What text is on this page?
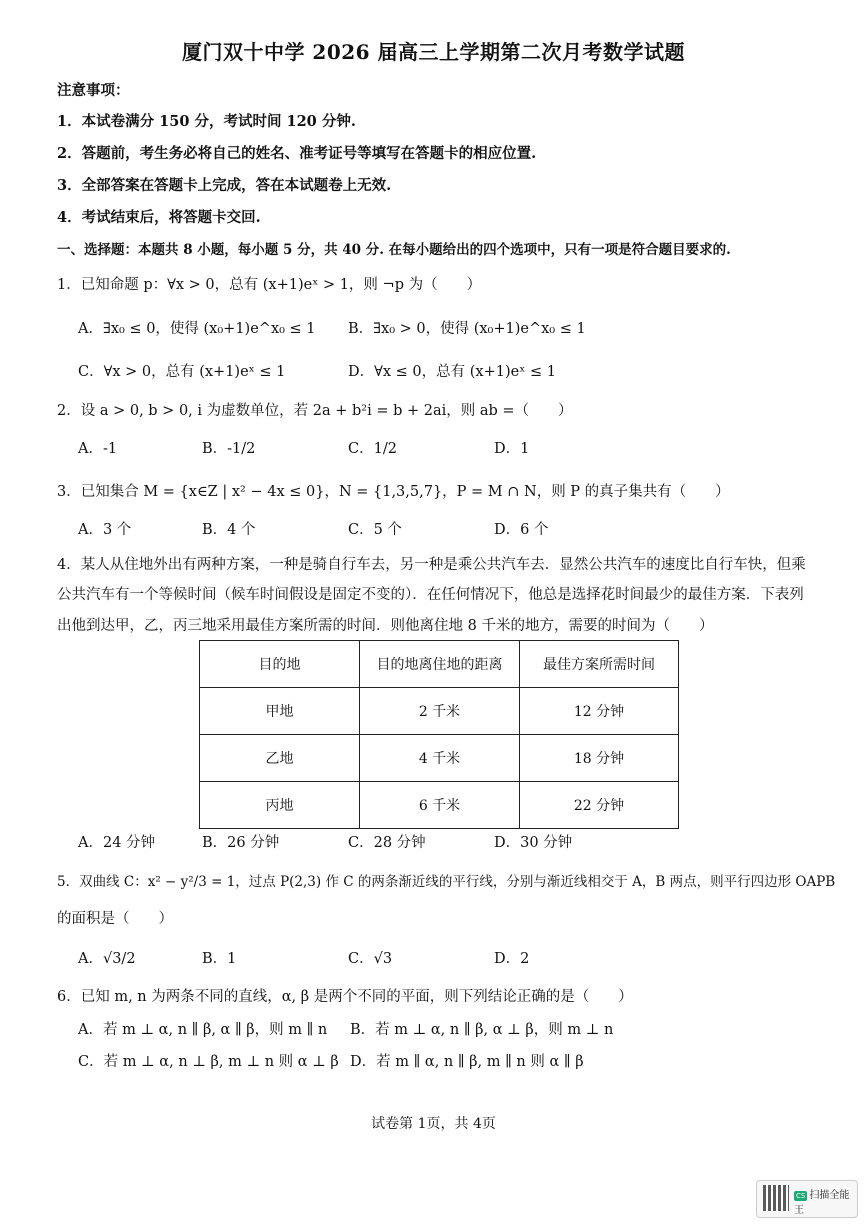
厦门双十中学 2026 届高三上学期第二次月考数学试题
注意事项：
1．本试卷满分 150 分，考试时间 120 分钟.
2．答题前，考生务必将自己的姓名、准考证号等填写在答题卡的相应位置.
3．全部答案在答题卡上完成，答在本试题卷上无效.
4．考试结束后，将答题卡交回.
一、选择题：本题共 8 小题，每小题 5 分，共 40 分. 在每小题给出的四个选项中，只有一项是符合题目要求的.
1．已知命题 p：∀x > 0，总有 (x+1)eˣ > 1，则 ¬p 为（　　）
A．∃x₀ ≤ 0，使得 (x₀+1)e^x₀ ≤ 1 B．∃x₀ > 0，使得 (x₀+1)e^x₀ ≤ 1
C．∀x > 0，总有 (x+1)eˣ ≤ 1	D．∀x ≤ 0，总有 (x+1)eˣ ≤ 1
2．设 a > 0, b > 0, i 为虚数单位，若 2a + b²i = b + 2ai，则 ab =（　　）
A．-1	B．-1/2	C．1/2	D．1
3．已知集合 M = {x∈Z | x² − 4x ≤ 0}，N = {1,3,5,7}，P = M ∩ N，则 P 的真子集共有（　　）
A．3 个	B．4 个	C．5 个	D．6 个
4．某人从住地外出有两种方案，一种是骑自行车去，另一种是乘公共汽车去．显然公共汽车的速度比自行车快，但乘
公共汽车有一个等候时间（候车时间假设是固定不变的）．在任何情况下，他总是选择花时间最少的最佳方案．下表列
出他到达甲，乙，丙三地采用最佳方案所需的时间．则他离住地 8 千米的地方，需要的时间为（　　）
目的地	目的地离住地的距离	最佳方案所需时间
甲地	2 千米	12 分钟
乙地	4 千米	18 分钟
丙地	6 千米	22 分钟
A．24 分钟	B．26 分钟	C．28 分钟	D．30 分钟
5．双曲线 C：x² − y²/3 = 1，过点 P(2,3) 作 C 的两条渐近线的平行线，分别与渐近线相交于 A，B 两点，则平行四边形 OAPB
的面积是（　　）
A．√3/2	B．1	C．√3	D．2
6．已知 m, n 为两条不同的直线，α, β 是两个不同的平面，则下列结论正确的是（　　）
A．若 m ⊥ α, n ∥ β, α ∥ β，则 m ∥ n B．若 m ⊥ α, n ∥ β, α ⊥ β，则 m ⊥ n
C．若 m ⊥ α, n ⊥ β, m ⊥ n 则 α ⊥ β D．若 m ∥ α, n ∥ β, m ∥ n 则 α ∥ β
试卷第 1页，共 4页
CS 扫描全能王
